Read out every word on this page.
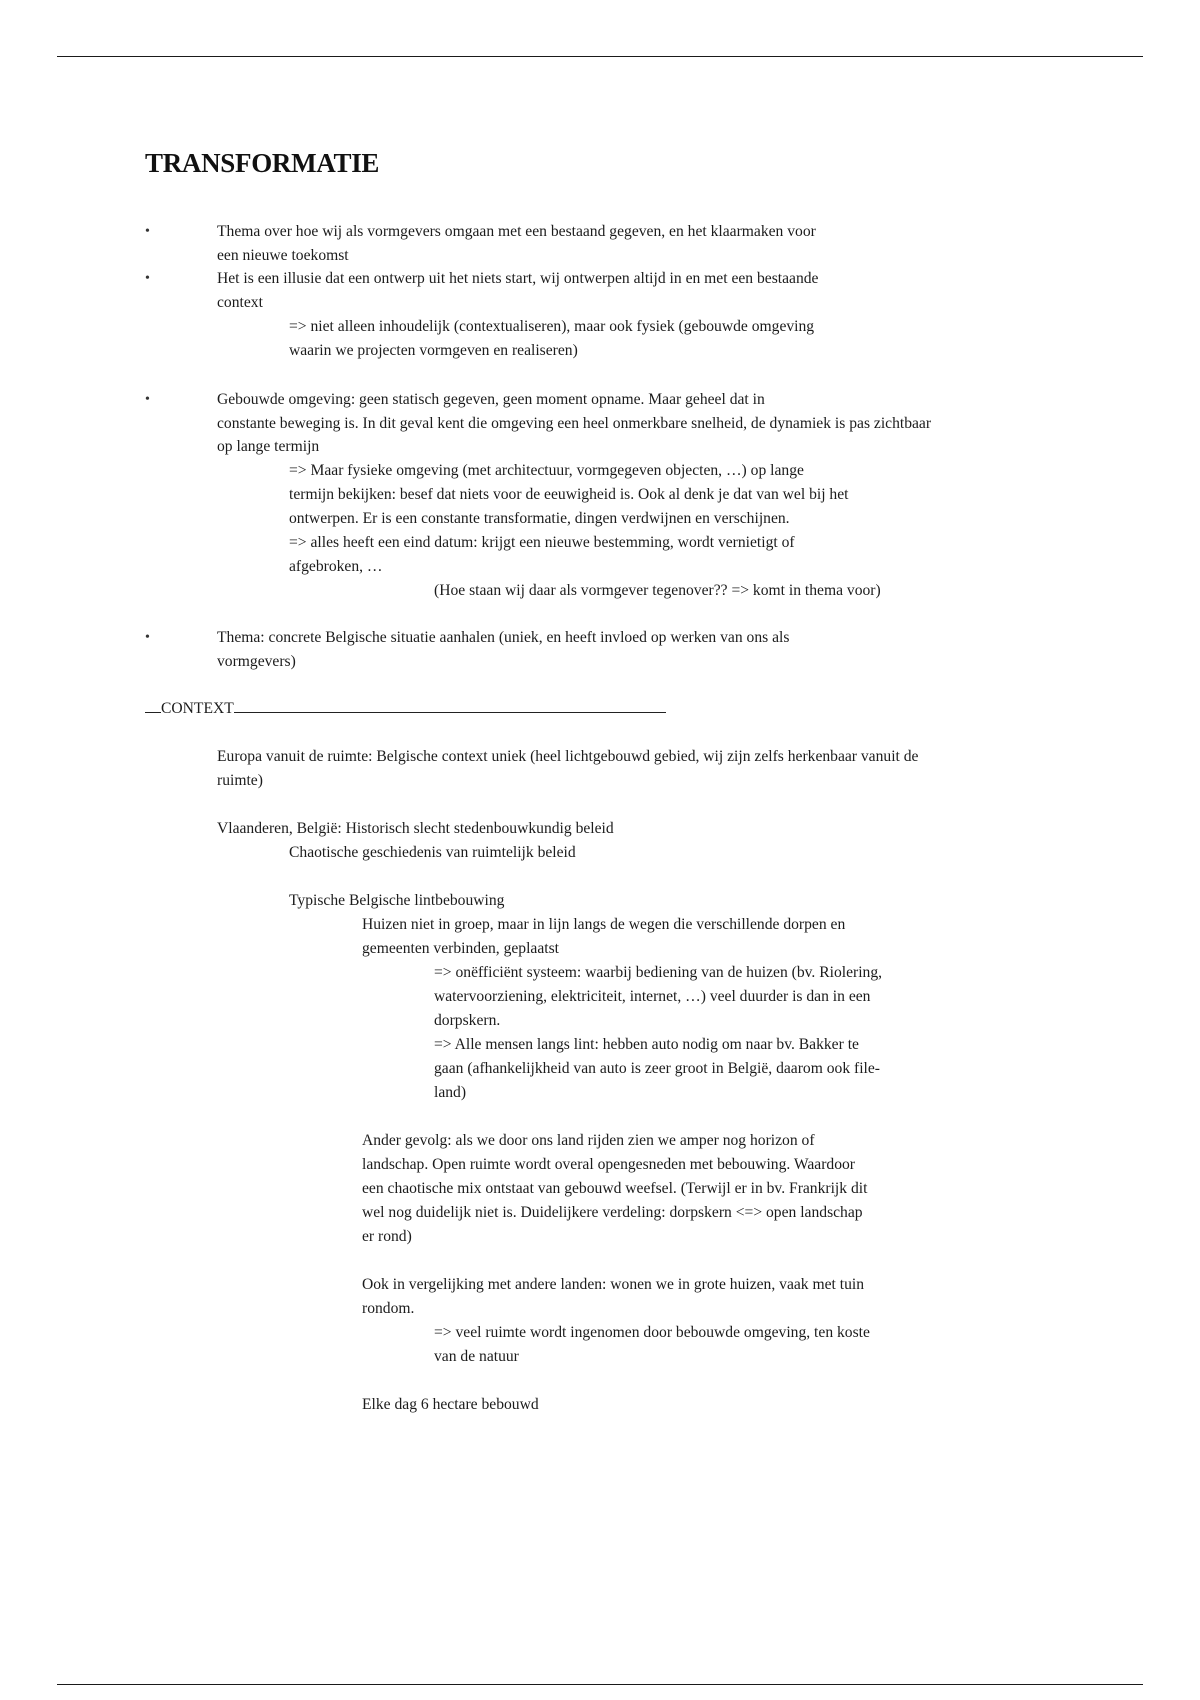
TRANSFORMATIE
•	Thema over hoe wij als vormgevers omgaan met een bestaand gegeven, en het klaarmaken voor
een nieuwe toekomst
•	Het is een illusie dat een ontwerp uit het niets start, wij ontwerpen altijd in en met een bestaande
context
=> niet alleen inhoudelijk (contextualiseren), maar ook fysiek (gebouwde omgeving
waarin we projecten vormgeven en realiseren)
•	Gebouwde omgeving: geen statisch gegeven, geen moment opname. Maar geheel dat in
constante beweging is. In dit geval kent die omgeving een heel onmerkbare snelheid, de dynamiek is pas zichtbaar
op lange termijn
=> Maar fysieke omgeving (met architectuur, vormgegeven objecten, …) op lange
termijn bekijken: besef dat niets voor de eeuwigheid is. Ook al denk je dat van wel bij het
ontwerpen. Er is een constante transformatie, dingen verdwijnen en verschijnen.
=> alles heeft een eind datum: krijgt een nieuwe bestemming, wordt vernietigt of
afgebroken, …
(Hoe staan wij daar als vormgever tegenover?? => komt in thema voor)
•	Thema: concrete Belgische situatie aanhalen (uniek, en heeft invloed op werken van ons als
vormgevers)
CONTEXT
Europa vanuit de ruimte: Belgische context uniek (heel lichtgebouwd gebied, wij zijn zelfs herkenbaar vanuit de
ruimte)
Vlaanderen, België: Historisch slecht stedenbouwkundig beleid
Chaotische geschiedenis van ruimtelijk beleid
Typische Belgische lintbebouwing
Huizen niet in groep, maar in lijn langs de wegen die verschillende dorpen en
gemeenten verbinden, geplaatst
=> onëfficiënt systeem: waarbij bediening van de huizen (bv. Riolering,
watervoorziening, elektriciteit, internet, …) veel duurder is dan in een
dorpskern.
=> Alle mensen langs lint: hebben auto nodig om naar bv. Bakker te
gaan (afhankelijkheid van auto is zeer groot in België, daarom ook file-
land)
Ander gevolg: als we door ons land rijden zien we amper nog horizon of
landschap. Open ruimte wordt overal opengesneden met bebouwing. Waardoor
een chaotische mix ontstaat van gebouwd weefsel. (Terwijl er in bv. Frankrijk dit
wel nog duidelijk niet is. Duidelijkere verdeling: dorpskern <=> open landschap
er rond)
Ook in vergelijking met andere landen: wonen we in grote huizen, vaak met tuin
rondom.
=> veel ruimte wordt ingenomen door bebouwde omgeving, ten koste
van de natuur
Elke dag 6 hectare bebouwd
